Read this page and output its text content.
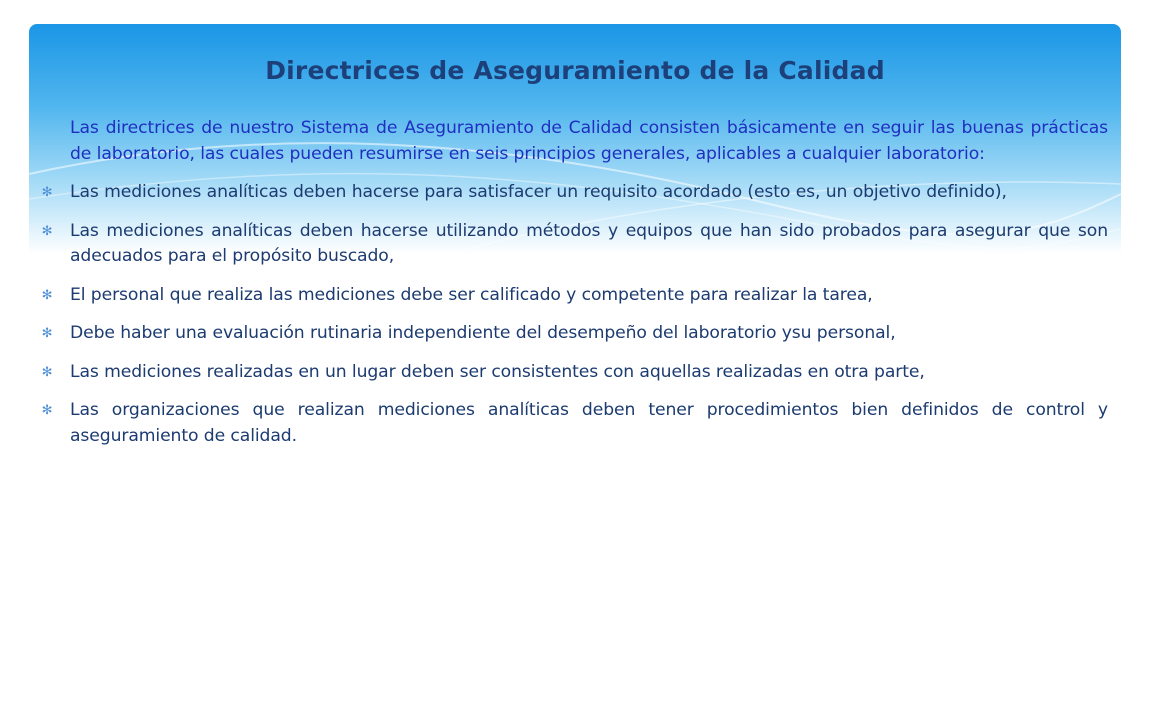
Directrices de Aseguramiento de la Calidad
Las directrices de nuestro Sistema de Aseguramiento de Calidad consisten básicamente en seguir las buenas prácticas de laboratorio, las cuales pueden resumirse en seis principios generales, aplicables a cualquier laboratorio:
✻ Las mediciones analíticas deben hacerse para satisfacer un requisito acordado (esto es, un objetivo definido),
✻ Las mediciones analíticas deben hacerse utilizando métodos y equipos que han sido probados para asegurar que son adecuados para el propósito buscado,
✻ El personal que realiza las mediciones debe ser calificado y competente para realizar la tarea,
✻ Debe haber una evaluación rutinaria independiente del desempeño del laboratorio ysu personal,
✻ Las mediciones realizadas en un lugar deben ser consistentes con aquellas realizadas en otra parte,
✻ Las organizaciones que realizan mediciones analíticas deben tener procedimientos bien definidos de control y aseguramiento de calidad.
